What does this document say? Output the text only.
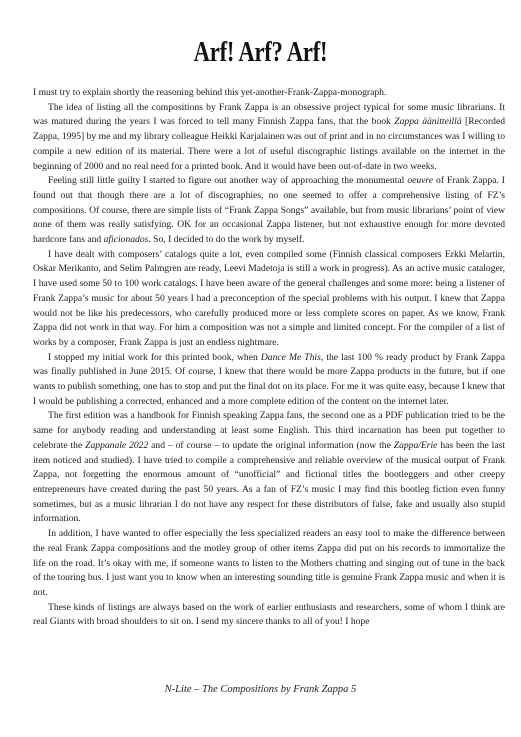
Arf! Arf? Arf!

I must try to explain shortly the reasoning behind this yet-another-Frank-Zappa-monograph.

The idea of listing all the compositions by Frank Zappa is an obsessive project typical for some music librarians. It was matured during the years I was forced to tell many Finnish Zappa fans, that the book Zappa äänitteillä [Recorded Zappa, 1995] by me and my library colleague Heikki Karjalainen was out of print and in no circumstances was I willing to compile a new edition of its material. There were a lot of useful discographic listings available on the internet in the beginning of 2000 and no real need for a printed book. And it would have been out-of-date in two weeks.

Feeling still little guilty I started to figure out another way of approaching the monumental oeuvre of Frank Zappa. I found out that though there are a lot of discographies, no one seemed to offer a comprehensive listing of FZ’s compositions. Of course, there are simple lists of “Frank Zappa Songs” available, but from music librarians’ point of view none of them was really satisfying. OK for an occasional Zappa listener, but not exhaustive enough for more devoted hardcore fans and aficionados. So, I decided to do the work by myself.

I have dealt with composers’ catalogs quite a lot, even compiled some (Finnish classical composers Erkki Melartin, Oskar Merikanto, and Selim Palmgren are ready, Leevi Madetoja is still a work in progress). As an active music cataloger, I have used some 50 to 100 work catalogs. I have been aware of the general challenges and some more: being a listener of Frank Zappa’s music for about 50 years I had a preconception of the special problems with his output. I knew that Zappa would not be like his predecessors, who carefully produced more or less complete scores on paper. As we know, Frank Zappa did not work in that way. For him a composition was not a simple and limited concept. For the compiler of a list of works by a composer, Frank Zappa is just an endless nightmare.

I stopped my initial work for this printed book, when Dance Me This, the last 100 % ready product by Frank Zappa was finally published in June 2015. Of course, I knew that there would be more Zappa products in the future, but if one wants to publish something, one has to stop and put the final dot on its place. For me it was quite easy, because I knew that I would be publishing a corrected, enhanced and a more complete edition of the content on the internet later.

The first edition was a handbook for Finnish speaking Zappa fans, the second one as a PDF publication tried to be the same for anybody reading and understanding at least some English. This third incarnation has been put together to celebrate the Zappanale 2022 and – of course – to update the original information (now the Zappa/Erie has been the last item noticed and studied). I have tried to compile a comprehensive and reliable overview of the musical output of Frank Zappa, not forgetting the enormous amount of “unofficial” and fictional titles the bootleggers and other creepy entrepreneurs have created during the past 50 years. As a fan of FZ’s music I may find this bootleg fiction even funny sometimes, but as a music librarian I do not have any respect for these distributors of false, fake and usually also stupid information.

In addition, I have wanted to offer especially the less specialized readers an easy tool to make the difference between the real Frank Zappa compositions and the motley group of other items Zappa did put on his records to immortalize the life on the road. It’s okay with me, if someone wants to listen to the Mothers chatting and singing out of tune in the back of the touring bus. I just want you to know when an interesting sounding title is genuine Frank Zappa music and when it is not.

These kinds of listings are always based on the work of earlier enthusiasts and researchers, some of whom I think are real Giants with broad shoulders to sit on. I send my sincere thanks to all of you! I hope

N-Lite – The Compositions by Frank Zappa 5
